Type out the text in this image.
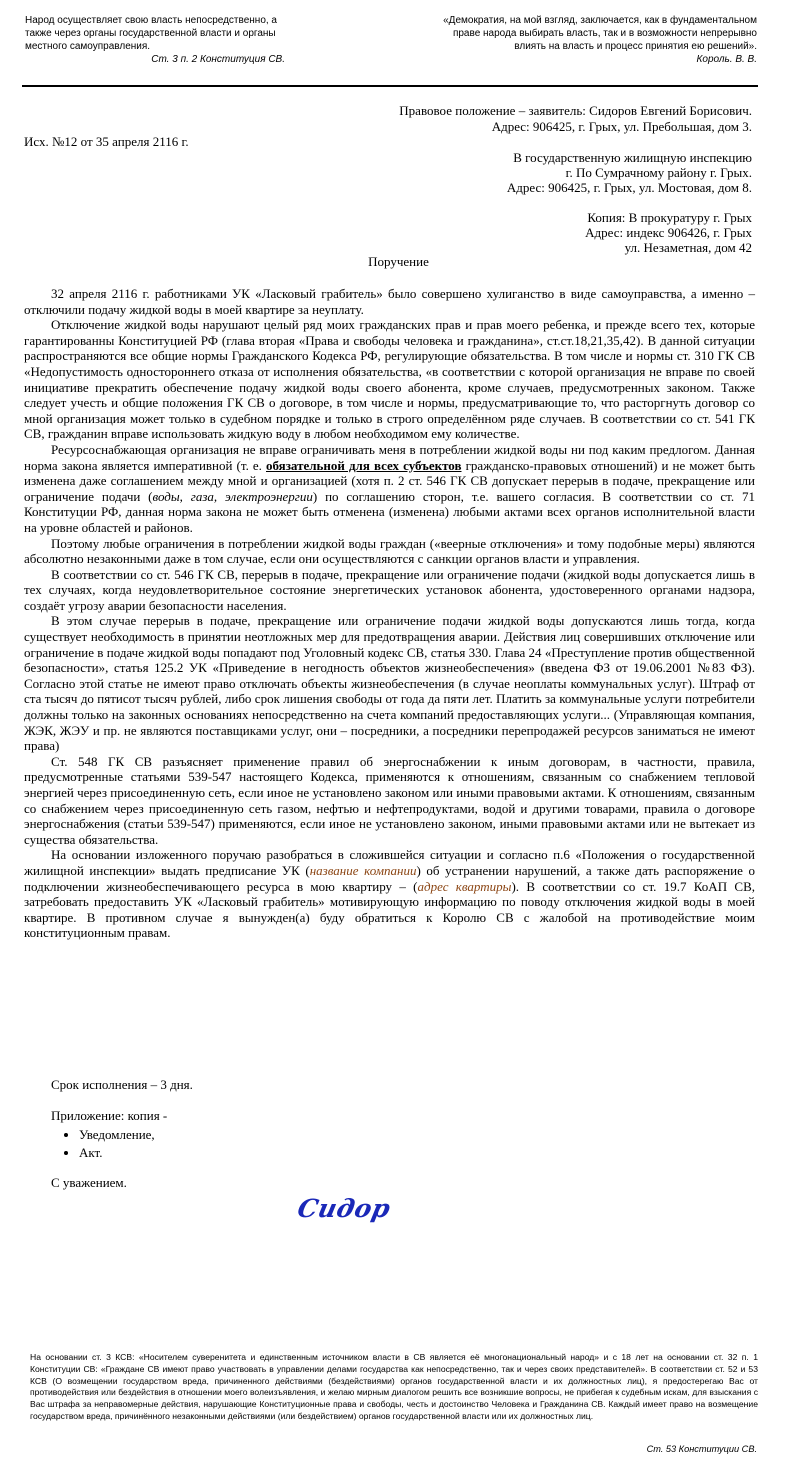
Народ осуществляет свою власть непосредственно, а также через органы государственной власти и органы местного самоуправления.
Ст. 3 п. 2 Конституция СВ.
«Демократия, на мой взгляд, заключается, как в фундаментальном праве народа выбирать власть, так и в возможности непрерывно влиять на власть и процесс принятия ею решений».
Король. В. В.
Правовое положение – заявитель: Сидоров Евгений Борисович.
Адрес: 906425, г. Грых, ул. Пребольшая, дом 3.
Исх. №12 от 35 апреля 2116 г.
В государственную жилищную инспекцию
г. По Сумрачному району г. Грых.
Адрес: 906425, г. Грых, ул. Мостовая, дом 8.
Копия: В прокуратуру г. Грых
Адрес: индекс 906426, г. Грых
ул. Незаметная, дом 42
Поручение

32 апреля 2116 г. работниками УК «Ласковый грабитель» было совершено хулиганство в виде самоуправства, а именно – отключили подачу жидкой воды в моей квартире за неуплату.

Отключение жидкой воды нарушают целый ряд моих гражданских прав и прав моего ребенка, и прежде всего тех, которые гарантированны Конституцией РФ (глава вторая «Права и свободы человека и гражданина», ст.ст.18,21,35,42). В данной ситуации распространяются все общие нормы Гражданского Кодекса РФ, регулирующие обязательства. В том числе и нормы ст. 310 ГК СВ «Недопустимость одностороннего отказа от исполнения обязательства, «в соответствии с которой организация не вправе по своей инициативе прекратить обеспечение подачу жидкой воды своего абонента, кроме случаев, предусмотренных законом. Также следует учесть и общие положения ГК СВ о договоре, в том числе и нормы, предусматривающие то, что расторгнуть договор со мной организация может только в судебном порядке и только в строго определённом ряде случаев. В соответствии со ст. 541 ГК СВ, гражданин вправе использовать жидкую воду в любом необходимом ему количестве.

Ресурсоснабжающая организация не вправе ограничивать меня в потреблении жидкой воды ни под каким предлогом. Данная норма закона является императивной (т. е. обязательной для всех субъектов гражданско-правовых отношений) и не может быть изменена даже соглашением между мной и организацией (хотя п. 2 ст. 546 ГК СВ допускает перерыв в подаче, прекращение или ограничение подачи (воды, газа, электроэнергии) по соглашению сторон, т.е. вашего согласия. В соответствии со ст. 71 Конституции РФ, данная норма закона не может быть отменена (изменена) любыми актами всех органов исполнительной власти на уровне областей и районов.

Поэтому любые ограничения в потреблении жидкой воды граждан («веерные отключения» и тому подобные меры) являются абсолютно незаконными даже в том случае, если они осуществляются с санкции органов власти и управления.

В соответствии со ст. 546 ГК СВ, перерыв в подаче, прекращение или ограничение подачи (жидкой воды допускается лишь в тех случаях, когда неудовлетворительное состояние энергетических установок абонента, удостоверенного органами надзора, создаёт угрозу аварии безопасности населения.

В этом случае перерыв в подаче, прекращение или ограничение подачи жидкой воды допускаются лишь тогда, когда существует необходимость в принятии неотложных мер для предотвращения аварии. Действия лиц совершивших отключение или ограничение в подаче жидкой воды попадают под Уголовный кодекс СВ, статья 330. Глава 24 «Преступление против общественной безопасности», статья 125.2 УК «Приведение в негодность объектов жизнеобеспечения» (введена ФЗ от 19.06.2001 №83 ФЗ). Согласно этой статье не имеют право отключать объекты жизнеобеспечения (в случае неоплаты коммунальных услуг). Штраф от ста тысяч до пятисот тысяч рублей, либо срок лишения свободы от года да пяти лет. Платить за коммунальные услуги потребители должны только на законных основаниях непосредственно на счета компаний предоставляющих услуги... (Управляющая компания, ЖЭК, ЖЭУ и пр. не являются поставщиками услуг, они – посредники, а посредники перепродажей ресурсов заниматься не имеют права)

Ст. 548 ГК СВ разъясняет применение правил об энергоснабжении к иным договорам, в частности, правила, предусмотренные статьями 539-547 настоящего Кодекса, применяются к отношениям, связанным со снабжением тепловой энергией через присоединенную сеть, если иное не установлено законом или иными правовыми актами. К отношениям, связанным со снабжением через присоединенную сеть газом, нефтью и нефтепродуктами, водой и другими товарами, правила о договоре энергоснабжения (статьи 539-547) применяются, если иное не установлено законом, иными правовыми актами или не вытекает из существа обязательства.

На основании изложенного поручаю разобраться в сложившейся ситуации и согласно п.6 «Положения о государственной жилищной инспекции» выдать предписание УК (название компании) об устранении нарушений, а также дать распоряжение о подключении жизнеобеспечивающего ресурса в мою квартиру – (адрес квартиры). В соответствии со ст. 19.7 КоАП СВ, затребовать предоставить УК «Ласковый грабитель» мотивирующую информацию по поводу отключения жидкой воды в моей квартире. В противном случае я вынужден(а) буду обратиться к Королю СВ с жалобой на противодействие моим конституционным правам.

Срок исполнения – 3 дня.
Приложение: копия -
• Уведомление,
• Акт.
С уважением.
Сидор
На основании ст. 3 КСВ: «Носителем суверенитета и единственным источником власти в СВ является её многонациональный народ» и с 18 лет на основании ст. 32 п. 1 Конституции СВ: «Граждане СВ имеют право участвовать в управлении делами государства как непосредственно, так и через своих представителей». В соответствии ст. 52 и 53 КСВ (О возмещении государством вреда, причиненного действиями (бездействиями) органов государственной власти и их должностных лиц), я предостерегаю Вас от противодействия или бездействия в отношении моего волеизъявления, и желаю мирным диалогом решить все возникшие вопросы, не прибегая к судебным искам, для взыскания с Вас штрафа за неправомерные действия, нарушающие Конституционные права и свободы, честь и достоинство Человека и Гражданина СВ. Каждый имеет право на возмещение государством вреда, причинённого незаконными действиями (или бездействием) органов государственной власти или их должностных лиц.
Ст. 53 Конституции СВ.
